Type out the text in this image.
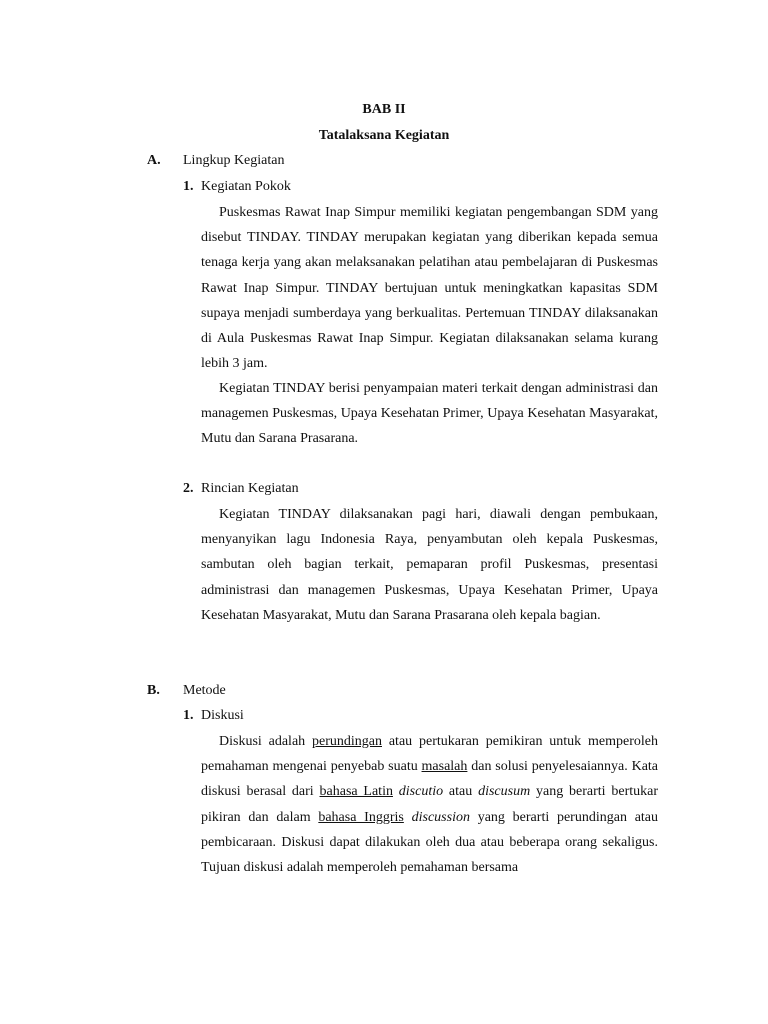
BAB II
Tatalaksana Kegiatan
A. Lingkup Kegiatan
1. Kegiatan Pokok

Puskesmas Rawat Inap Simpur memiliki kegiatan pengembangan SDM yang disebut TINDAY. TINDAY merupakan kegiatan yang diberikan kepada semua tenaga kerja yang akan melaksanakan pelatihan atau pembelajaran di Puskesmas Rawat Inap Simpur. TINDAY bertujuan untuk meningkatkan kapasitas SDM supaya menjadi sumberdaya yang berkualitas. Pertemuan TINDAY dilaksanakan di Aula Puskesmas Rawat Inap Simpur. Kegiatan dilaksanakan selama kurang lebih 3 jam.

Kegiatan TINDAY berisi penyampaian materi terkait dengan administrasi dan managemen Puskesmas, Upaya Kesehatan Primer, Upaya Kesehatan Masyarakat, Mutu dan Sarana Prasarana.

2. Rincian Kegiatan

Kegiatan TINDAY dilaksanakan pagi hari, diawali dengan pembukaan, menyanyikan lagu Indonesia Raya, penyambutan oleh kepala Puskesmas, sambutan oleh bagian terkait, pemaparan profil Puskesmas, presentasi administrasi dan managemen Puskesmas, Upaya Kesehatan Primer, Upaya Kesehatan Masyarakat, Mutu dan Sarana Prasarana oleh kepala bagian.

B. Metode
1. Diskusi

Diskusi adalah perundingan atau pertukaran pemikiran untuk memperoleh pemahaman mengenai penyebab suatu masalah dan solusi penyelesaiannya. Kata diskusi berasal dari bahasa Latin discutio atau discusum yang berarti bertukar pikiran dan dalam bahasa Inggris discussion yang berarti perundingan atau pembicaraan. Diskusi dapat dilakukan oleh dua atau beberapa orang sekaligus. Tujuan diskusi adalah memperoleh pemahaman bersama
